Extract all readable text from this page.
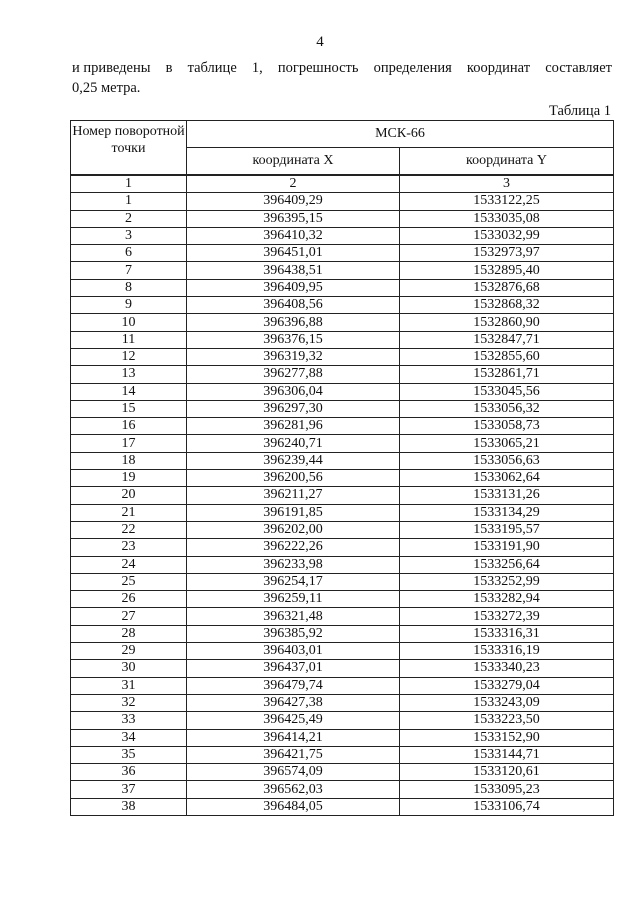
4
и приведены в таблице 1, погрешность определения координат составляет
0,25 метра.
Таблица 1
Номер поворотной точки	МСК-66	
	координата X	координата Y
1	2	3
1	396409,29	1533122,25
2	396395,15	1533035,08
3	396410,32	1533032,99
6	396451,01	1532973,97
7	396438,51	1532895,40
8	396409,95	1532876,68
9	396408,56	1532868,32
10	396396,88	1532860,90
11	396376,15	1532847,71
12	396319,32	1532855,60
13	396277,88	1532861,71
14	396306,04	1533045,56
15	396297,30	1533056,32
16	396281,96	1533058,73
17	396240,71	1533065,21
18	396239,44	1533056,63
19	396200,56	1533062,64
20	396211,27	1533131,26
21	396191,85	1533134,29
22	396202,00	1533195,57
23	396222,26	1533191,90
24	396233,98	1533256,64
25	396254,17	1533252,99
26	396259,11	1533282,94
27	396321,48	1533272,39
28	396385,92	1533316,31
29	396403,01	1533316,19
30	396437,01	1533340,23
31	396479,74	1533279,04
32	396427,38	1533243,09
33	396425,49	1533223,50
34	396414,21	1533152,90
35	396421,75	1533144,71
36	396574,09	1533120,61
37	396562,03	1533095,23
38	396484,05	1533106,74
